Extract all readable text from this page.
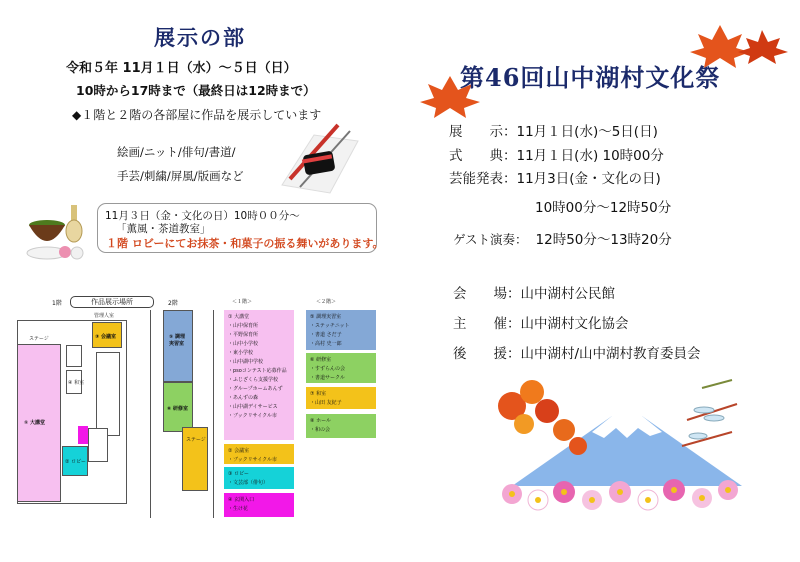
展示の部
令和５年 11月１日（水）～５日（日）
10時から17時まで（最終日は12時まで）
◆１階と２階の各部屋に作品を展示しています
絵画/ニット/俳句/書道/
手芸/刺繍/屏風/版画など
11月３日（金・文化の日）10時００分～
「薫風・茶道教室」
１階 ロビーにてお抹茶・和菓子の振る舞いがあります。
1階	作品展示場所	2階
ステージ
① 大講堂
管理人室
③ 会議室
④ 和室
② ロビー
⑤ 調理実習室
⑥ 研修室
ステージ
＜１階＞
① 大講堂
・山中保育所
・平野保育所
・山中小学校
・東小学校
・山中湖中学校
・psoコンテスト応募作品
・ふじざくら支援学校
・グループホームあんず
・あんずの森
・山中湖デイサービス
・ブックリサイクル市
② 会議室
・ブックリサイクル市
③ ロビー
・文芸部（俳句）
④ 玄関入口
・生け花
＜２階＞
⑤ 調理実習室
・ステッチニット
・書道 さだ子
・高村 史一郎
⑥ 研修室
・すずらんの会
・書道サークル
⑦ 和室
・山田 友紀子
⑧ ホール
・和の会
第46回山中湖村文化祭
展　　示：11月１日(水)～5日(日)
式　　典：11月１日(水) 10時00分
芸能発表：11月3日(金・文化の日)
10時00分～12時50分
ゲスト演奏： 12時50分～13時20分
会　　場：山中湖村公民館
主　　催：山中湖村文化協会
後　　援：山中湖村/山中湖村教育委員会
